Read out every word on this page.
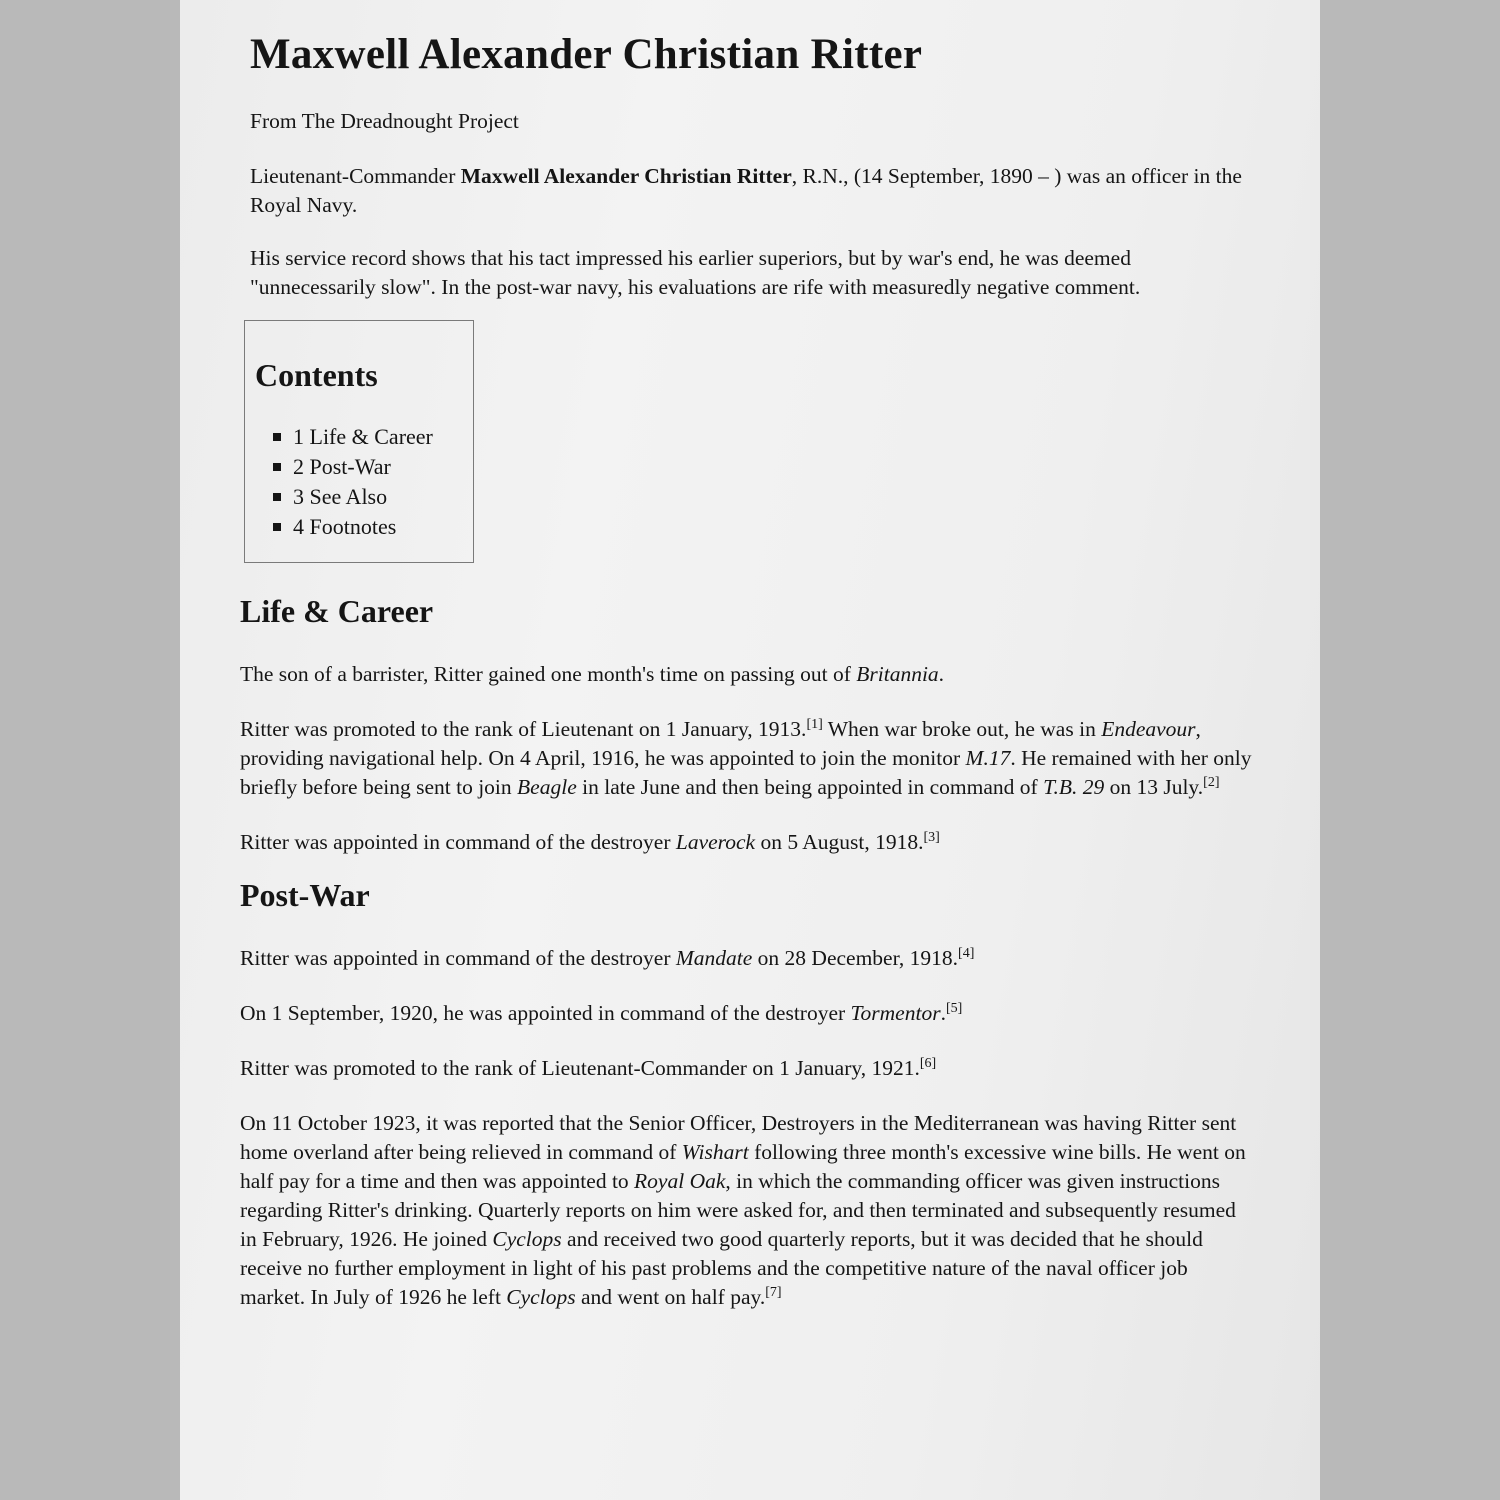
Maxwell Alexander Christian Ritter

From The Dreadnought Project

Lieutenant-Commander Maxwell Alexander Christian Ritter, R.N., (14 September, 1890 – ) was an officer in the Royal Navy.

His service record shows that his tact impressed his earlier superiors, but by war's end, he was deemed "unnecessarily slow". In the post-war navy, his evaluations are rife with measuredly negative comment.

Contents
1 Life & Career
2 Post-War
3 See Also
4 Footnotes
Life & Career

The son of a barrister, Ritter gained one month's time on passing out of Britannia.

Ritter was promoted to the rank of Lieutenant on 1 January, 1913.[1] When war broke out, he was in Endeavour, providing navigational help. On 4 April, 1916, he was appointed to join the monitor M.17. He remained with her only briefly before being sent to join Beagle in late June and then being appointed in command of T.B. 29 on 13 July.[2]

Ritter was appointed in command of the destroyer Laverock on 5 August, 1918.[3]

Post-War

Ritter was appointed in command of the destroyer Mandate on 28 December, 1918.[4]

On 1 September, 1920, he was appointed in command of the destroyer Tormentor.[5]

Ritter was promoted to the rank of Lieutenant-Commander on 1 January, 1921.[6]

On 11 October 1923, it was reported that the Senior Officer, Destroyers in the Mediterranean was having Ritter sent home overland after being relieved in command of Wishart following three month's excessive wine bills. He went on half pay for a time and then was appointed to Royal Oak, in which the commanding officer was given instructions regarding Ritter's drinking. Quarterly reports on him were asked for, and then terminated and subsequently resumed in February, 1926. He joined Cyclops and received two good quarterly reports, but it was decided that he should receive no further employment in light of his past problems and the competitive nature of the naval officer job market. In July of 1926 he left Cyclops and went on half pay.[7]
